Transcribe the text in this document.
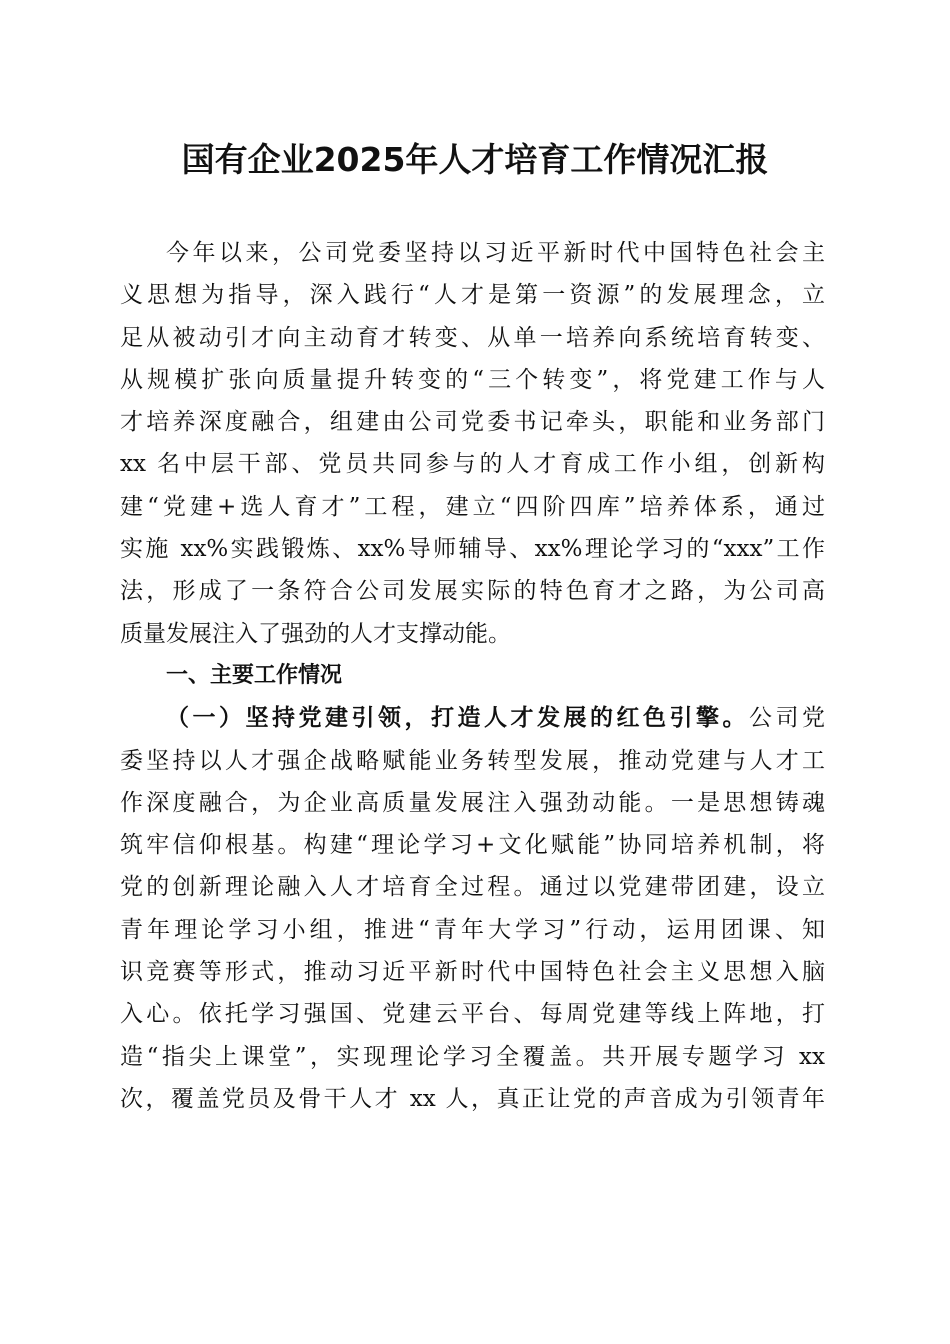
国有企业2025年人才培育工作情况汇报
今年以来，公司党委坚持以习近平新时代中国特色社会主
义思想为指导，深入践行“人才是第一资源”的发展理念，立
足从被动引才向主动育才转变、从单一培养向系统培育转变、
从规模扩张向质量提升转变的“三个转变”，将党建工作与人
才培养深度融合，组建由公司党委书记牵头，职能和业务部门
xx 名中层干部、党员共同参与的人才育成工作小组，创新构
建“党建+选人育才”工程，建立“四阶四库”培养体系，通过
实施 xx%实践锻炼、xx%导师辅导、xx%理论学习的“xxx”工作
法，形成了一条符合公司发展实际的特色育才之路，为公司高
质量发展注入了强劲的人才支撑动能。
一、主要工作情况
（一）坚持党建引领，打造人才发展的红色引擎。公司党
委坚持以人才强企战略赋能业务转型发展，推动党建与人才工
作深度融合，为企业高质量发展注入强劲动能。一是思想铸魂
筑牢信仰根基。构建“理论学习+文化赋能”协同培养机制，将
党的创新理论融入人才培育全过程。通过以党建带团建，设立
青年理论学习小组，推进“青年大学习”行动，运用团课、知
识竞赛等形式，推动习近平新时代中国特色社会主义思想入脑
入心。依托学习强国、党建云平台、每周党建等线上阵地，打
造“指尖上课堂”，实现理论学习全覆盖。共开展专题学习 xx
次，覆盖党员及骨干人才 xx 人，真正让党的声音成为引领青年
